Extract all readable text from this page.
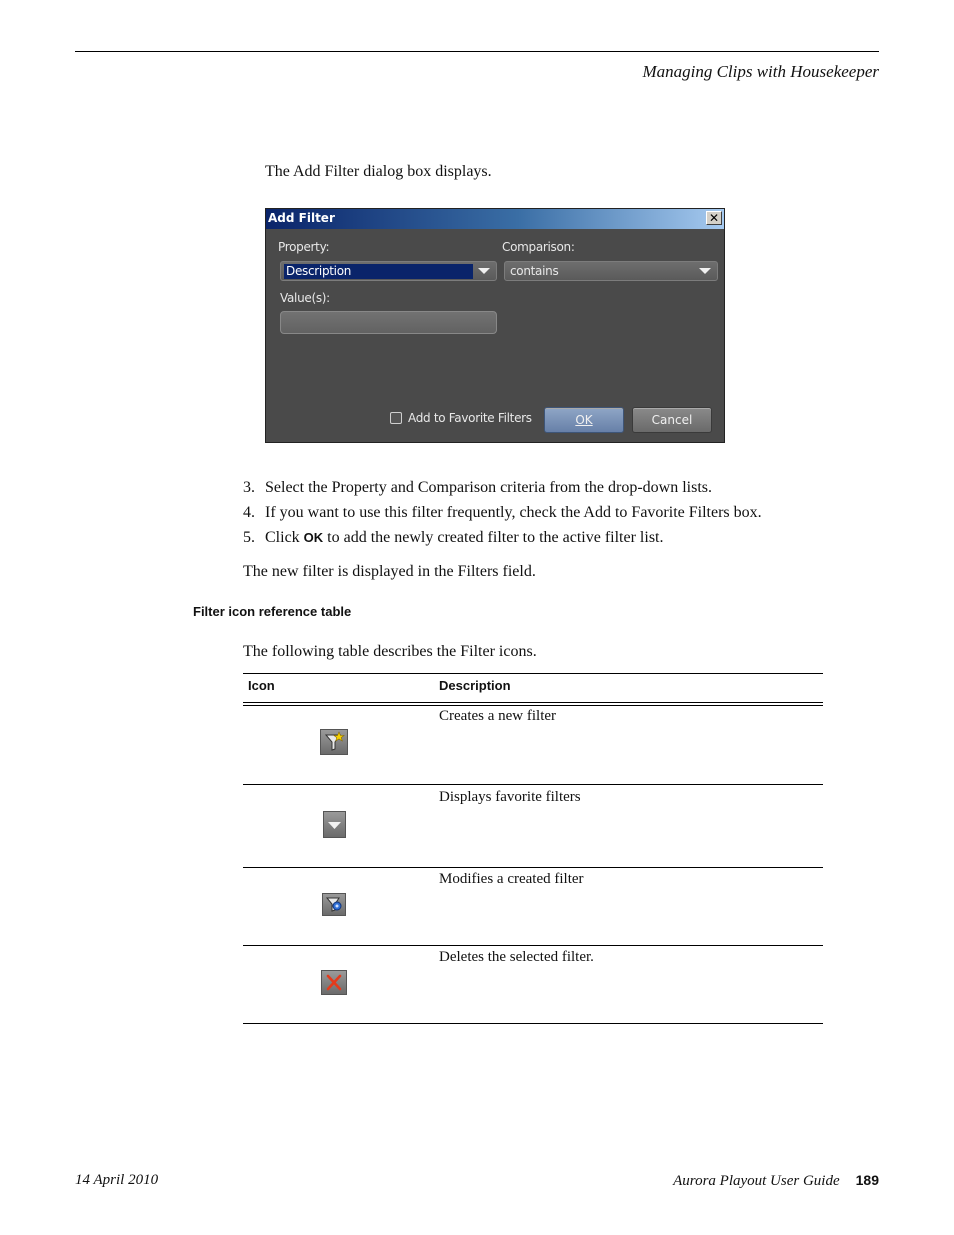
Managing Clips with Housekeeper
The Add Filter dialog box displays.
Add Filter	✕
Property:
Description
Comparison:
contains
Value(s):
Add to Favorite Filters	OK	Cancel
3. Select the Property and Comparison criteria from the drop-down lists.
4. If you want to use this filter frequently, check the Add to Favorite Filters box.
5. Click OK to add the newly created filter to the active filter list.
The new filter is displayed in the Filters field.
Filter icon reference table
The following table describes the Filter icons.
Icon	Description
Creates a new filter
Displays favorite filters
Modifies a created filter
Deletes the selected filter.
14 April 2010	Aurora Playout User Guide 189
